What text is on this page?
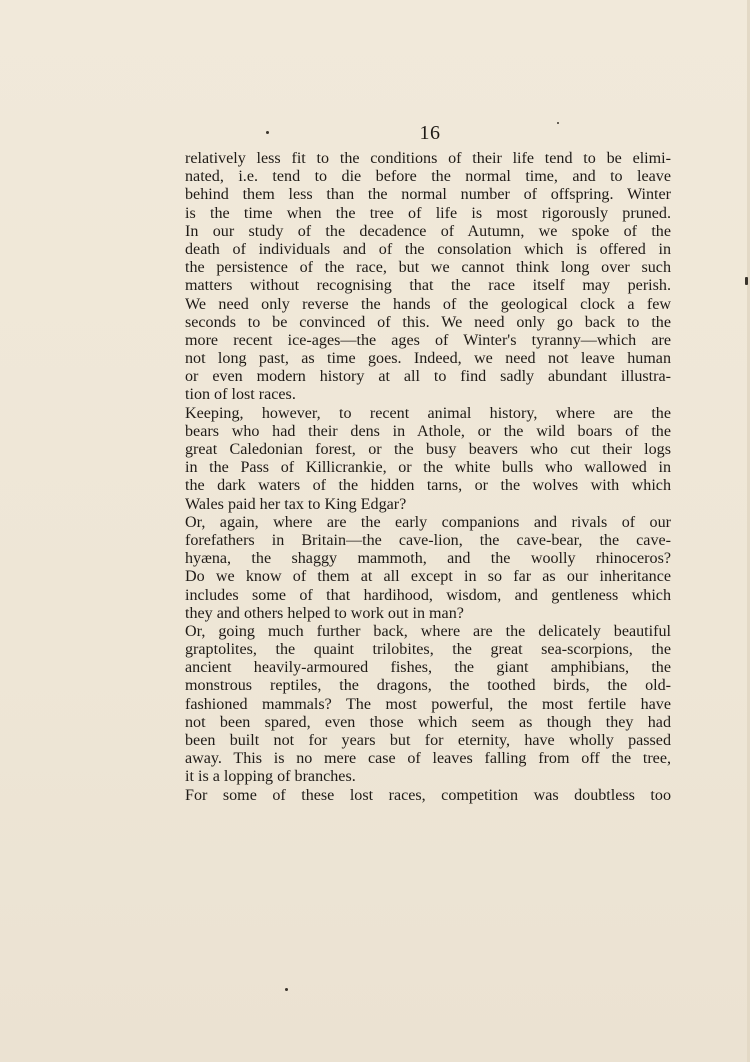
16
relatively less fit to the conditions of their life tend to be elimi-
nated, i.e. tend to die before the normal time, and to leave
behind them less than the normal number of offspring. Winter
is the time when the tree of life is most rigorously pruned.
In our study of the decadence of Autumn, we spoke of the
death of individuals and of the consolation which is offered in
the persistence of the race, but we cannot think long over such
matters without recognising that the race itself may perish.
We need only reverse the hands of the geological clock a few
seconds to be convinced of this. We need only go back to the
more recent ice-ages—the ages of Winter's tyranny—which are
not long past, as time goes. Indeed, we need not leave human
or even modern history at all to find sadly abundant illustra-
tion of lost races.
Keeping, however, to recent animal history, where are the
bears who had their dens in Athole, or the wild boars of the
great Caledonian forest, or the busy beavers who cut their logs
in the Pass of Killicrankie, or the white bulls who wallowed in
the dark waters of the hidden tarns, or the wolves with which
Wales paid her tax to King Edgar?
Or, again, where are the early companions and rivals of our
forefathers in Britain—the cave-lion, the cave-bear, the cave-
hyæna, the shaggy mammoth, and the woolly rhinoceros?
Do we know of them at all except in so far as our inheritance
includes some of that hardihood, wisdom, and gentleness which
they and others helped to work out in man?
Or, going much further back, where are the delicately beautiful
graptolites, the quaint trilobites, the great sea-scorpions, the
ancient heavily-armoured fishes, the giant amphibians, the
monstrous reptiles, the dragons, the toothed birds, the old-
fashioned mammals? The most powerful, the most fertile have
not been spared, even those which seem as though they had
been built not for years but for eternity, have wholly passed
away. This is no mere case of leaves falling from off the tree,
it is a lopping of branches.
For some of these lost races, competition was doubtless too
